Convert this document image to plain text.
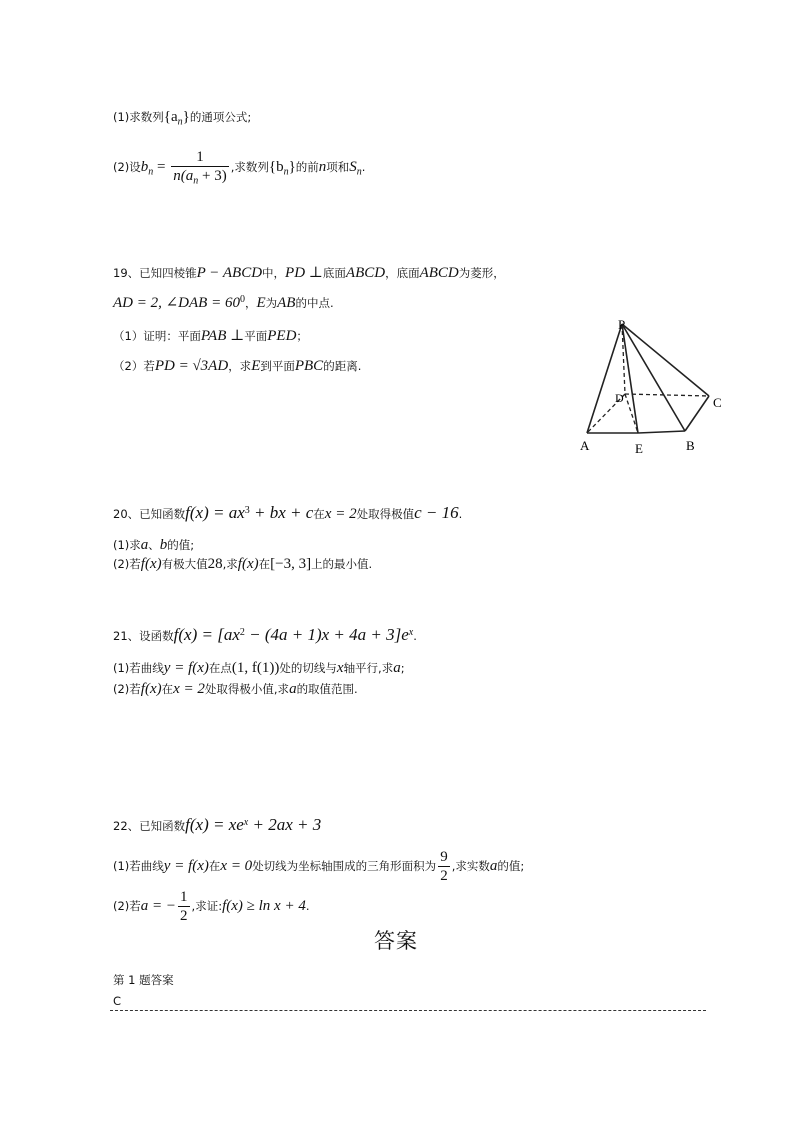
(1)求数列$\{a_n\}$的通项公式;
(2)设$b_n = \frac{1}{n(a_n + 3)}$ ,求数列$\{b_n\}$的前n项和$S_n$.
19、已知四棱锥P − ABCD中，PD ⊥底面ABCD，底面ABCD为菱形，
AD = 2, ∠DAB = $60^0$，E为AB的中点.
（1）证明：平面PAB ⊥平面PED；
（2）若PD = √3AD，求E到平面PBC的距离.
P
D	C
A	E	B
20、已知函数$f(x) = ax^3$ + bx + c在x = 2处取得极值c − 16.
(1)求a、b的值;
(2)若f(x)有极大值28,求f(x)在[−3, 3]上的最小值.
21、设函数$f(x) = [ax^2 - (4a + 1)x + 4a + 3]e^x$.
(1)若曲线y = f(x)在点(1, f(1))处的切线与x轴平行,求a;
(2)若f(x)在x = 2处取得极小值,求a的取值范围.
22、已知函数$f(x) = xe^x + 2ax + 3$
(1)若曲线y = f(x)在x = 0处切线为坐标轴围成的三角形面积为 $\frac{9}{2}$ ,求实数a的值;
(2)若a = − $\frac{1}{2}$ ,求证:f(x) ≥ ln x + 4.
答案
第 1 题答案
C
